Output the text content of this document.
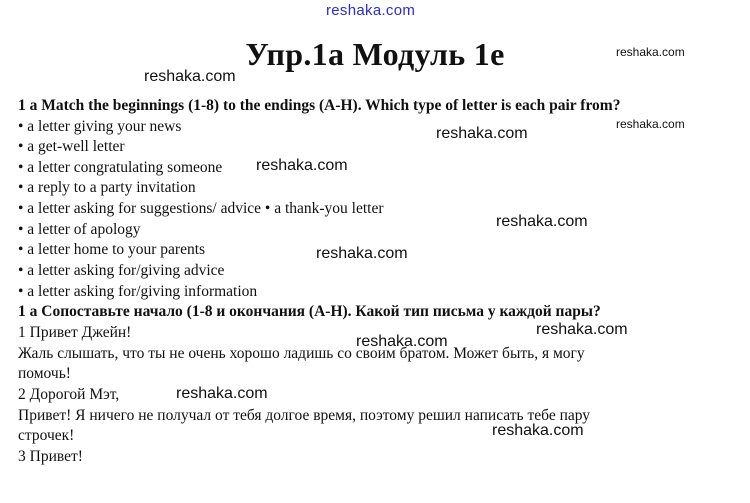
reshaka.com
Упр.1a Модуль 1e	reshaka.com
reshaka.com
1 a Match the beginnings (1-8) to the endings (A-H). Which type of letter is each pair from?
• a letter giving your news
• a get-well letter
• a letter congratulating someone
• a reply to a party invitation
• a letter asking for suggestions/ advice • a thank-you letter
• a letter of apology
• a letter home to your parents
• a letter asking for/giving advice
• a letter asking for/giving information
reshaka.com
reshaka.com
reshaka.com
reshaka.com
reshaka.com
1 a Сопоставьте начало (1-8 и окончания (A-H). Какой тип письма у каждой пары?
1 Привет Джейн!
Жаль слышать, что ты не очень хорошо ладишь со своим братом. Может быть, я могу
помочь!
2 Дорогой Мэт,
Привет! Я ничего не получал от тебя долгое время, поэтому решил написать тебе пару
строчек!
3 Привет!
reshaka.com
reshaka.com
reshaka.com
reshaka.com
